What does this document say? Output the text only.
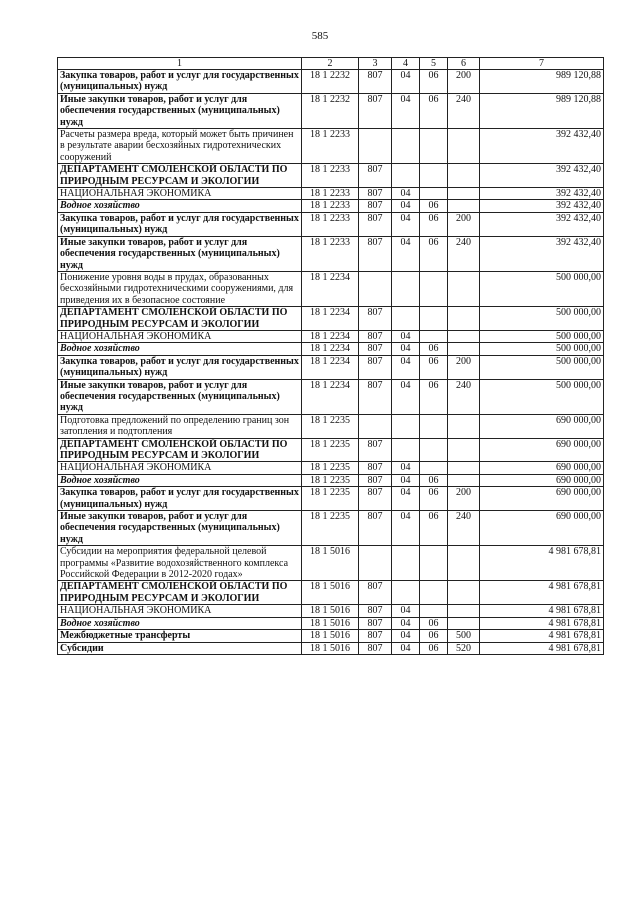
585
1	2	3	4	5	6	7
Закупка товаров, работ и услуг для государственных (муниципальных) нужд	18 1 2232	807	04	06	200	989 120,88
Иные закупки товаров, работ и услуг для обеспечения государственных (муниципальных) нужд	18 1 2232	807	04	06	240	989 120,88
Расчеты размера вреда, который может быть причинен в результате аварии бесхозяйных гидротехнических сооружений	18 1 2233					392 432,40
ДЕПАРТАМЕНТ СМОЛЕНСКОЙ ОБЛАСТИ ПО ПРИРОДНЫМ РЕСУРСАМ И ЭКОЛОГИИ	18 1 2233	807				392 432,40
НАЦИОНАЛЬНАЯ ЭКОНОМИКА	18 1 2233	807	04			392 432,40
Водное хозяйство	18 1 2233	807	04	06		392 432,40
Закупка товаров, работ и услуг для государственных (муниципальных) нужд	18 1 2233	807	04	06	200	392 432,40
Иные закупки товаров, работ и услуг для обеспечения государственных (муниципальных) нужд	18 1 2233	807	04	06	240	392 432,40
Понижение уровня воды в прудах, образованных бесхозяйными гидротехническими сооружениями, для приведения их в безопасное состояние	18 1 2234					500 000,00
ДЕПАРТАМЕНТ СМОЛЕНСКОЙ ОБЛАСТИ ПО ПРИРОДНЫМ РЕСУРСАМ И ЭКОЛОГИИ	18 1 2234	807				500 000,00
НАЦИОНАЛЬНАЯ ЭКОНОМИКА	18 1 2234	807	04			500 000,00
Водное хозяйство	18 1 2234	807	04	06		500 000,00
Закупка товаров, работ и услуг для государственных (муниципальных) нужд	18 1 2234	807	04	06	200	500 000,00
Иные закупки товаров, работ и услуг для обеспечения государственных (муниципальных) нужд	18 1 2234	807	04	06	240	500 000,00
Подготовка предложений по определению границ зон затопления и подтопления	18 1 2235					690 000,00
ДЕПАРТАМЕНТ СМОЛЕНСКОЙ ОБЛАСТИ ПО ПРИРОДНЫМ РЕСУРСАМ И ЭКОЛОГИИ	18 1 2235	807				690 000,00
НАЦИОНАЛЬНАЯ ЭКОНОМИКА	18 1 2235	807	04			690 000,00
Водное хозяйство	18 1 2235	807	04	06		690 000,00
Закупка товаров, работ и услуг для государственных (муниципальных) нужд	18 1 2235	807	04	06	200	690 000,00
Иные закупки товаров, работ и услуг для обеспечения государственных (муниципальных) нужд	18 1 2235	807	04	06	240	690 000,00
Субсидии на мероприятия федеральной целевой программы «Развитие водохозяйственного комплекса Российской Федерации в 2012-2020 годах»	18 1 5016					4 981 678,81
ДЕПАРТАМЕНТ СМОЛЕНСКОЙ ОБЛАСТИ ПО ПРИРОДНЫМ РЕСУРСАМ И ЭКОЛОГИИ	18 1 5016	807				4 981 678,81
НАЦИОНАЛЬНАЯ ЭКОНОМИКА	18 1 5016	807	04			4 981 678,81
Водное хозяйство	18 1 5016	807	04	06		4 981 678,81
Межбюджетные трансферты	18 1 5016	807	04	06	500	4 981 678,81
Субсидии	18 1 5016	807	04	06	520	4 981 678,81
